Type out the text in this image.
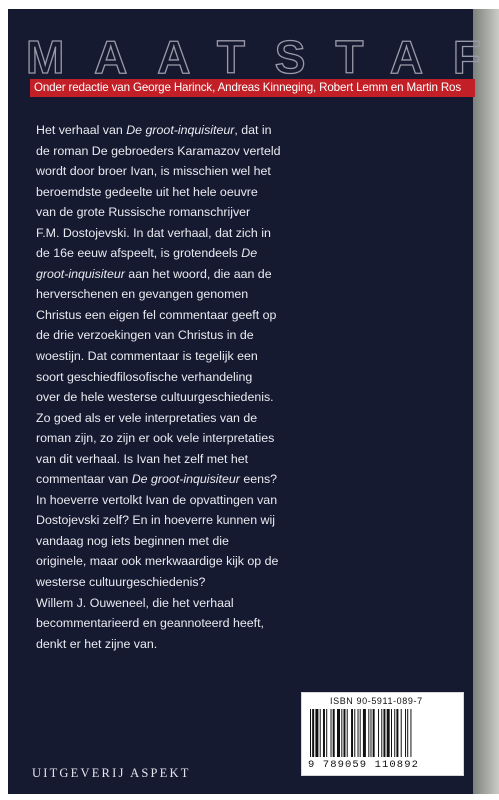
MAATSTAF
Onder redactie van George Harinck, Andreas Kinneging, Robert Lemm en Martin Ros
Het verhaal van De groot-inquisiteur, dat in
de roman De gebroeders Karamazov verteld
wordt door broer Ivan, is misschien wel het
beroemdste gedeelte uit het hele oeuvre
van de grote Russische romanschrijver
F.M. Dostojevski. In dat verhaal, dat zich in
de 16e eeuw afspeelt, is grotendeels De
groot-inquisiteur aan het woord, die aan de
herverschenen en gevangen genomen
Christus een eigen fel commentaar geeft op
de drie verzoekingen van Christus in de
woestijn. Dat commentaar is tegelijk een
soort geschiedfilosofische verhandeling
over de hele westerse cultuurgeschiedenis.
Zo goed als er vele interpretaties van de
roman zijn, zo zijn er ook vele interpretaties
van dit verhaal. Is Ivan het zelf met het
commentaar van De groot-inquisiteur eens?
In hoeverre vertolkt Ivan de opvattingen van
Dostojevski zelf? En in hoeverre kunnen wij
vandaag nog iets beginnen met die
originele, maar ook merkwaardige kijk op de
westerse cultuurgeschiedenis?
Willem J. Ouweneel, die het verhaal
becommentarieerd en geannoteerd heeft,
denkt er het zijne van.
ISBN 90-5911-089-7
9 789059 110892
UITGEVERIJ ASPEKT
